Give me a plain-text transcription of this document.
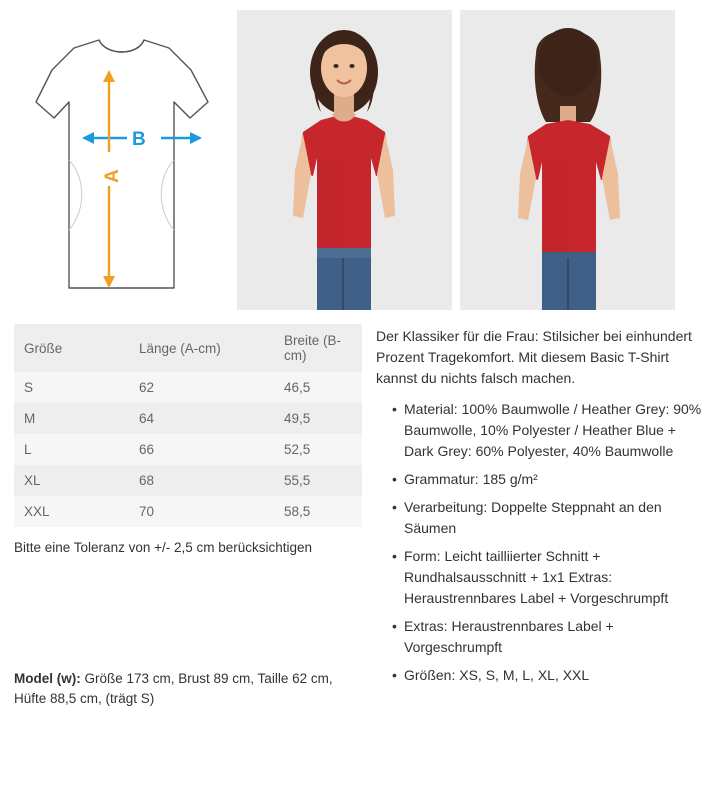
B
A
Größe	Länge (A-cm)	Breite (B-cm)
S	62	46,5
M	64	49,5
L	66	52,5
XL	68	55,5
XXL	70	58,5
Bitte eine Toleranz von +/- 2,5 cm berücksichtigen
Model (w): Größe 173 cm, Brust 89 cm, Taille 62 cm, Hüfte 88,5 cm, (trägt S)

Der Klassiker für die Frau: Stilsicher bei einhundert Prozent Tragekomfort. Mit diesem Basic T-Shirt kannst du nichts falsch machen.

• Material: 100% Baumwolle / Heather Grey: 90% Baumwolle, 10% Polyester / Heather Blue + Dark Grey: 60% Polyester, 40% Baumwolle
• Grammatur: 185 g/m²
• Verarbeitung: Doppelte Steppnaht an den Säumen
• Form: Leicht tailliierter Schnitt + Rundhalsausschnitt + 1x1 Extras: Heraustrennbares Label + Vorgeschrumpft
• Extras: Heraustrennbares Label + Vorgeschrumpft
• Größen: XS, S, M, L, XL, XXL
